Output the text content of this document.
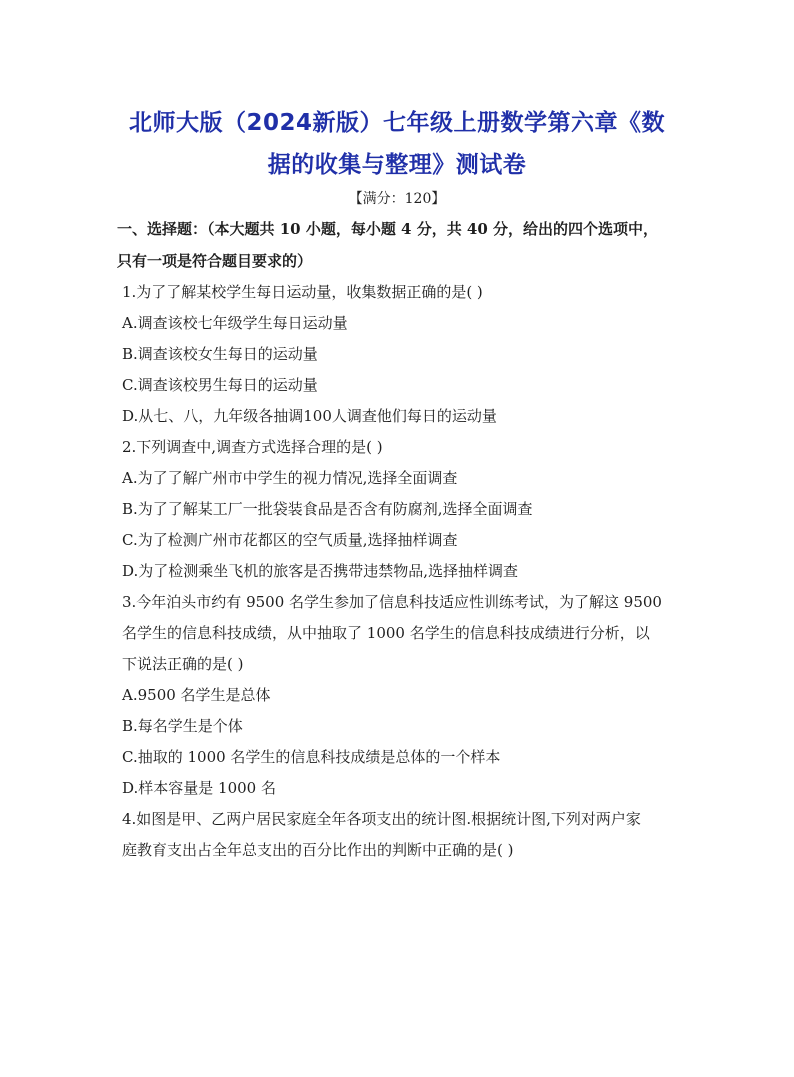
北师大版（2024新版）七年级上册数学第六章《数
据的收集与整理》测试卷
【满分：120】
一、选择题：（本大题共 10 小题，每小题 4 分，共 40 分，给出的四个选项中，
只有一项是符合题目要求的）
1.为了了解某校学生每日运动量，收集数据正确的是( )
A.调查该校七年级学生每日运动量
B.调查该校女生每日的运动量
C.调查该校男生每日的运动量
D.从七、八，九年级各抽调100人调查他们每日的运动量
2.下列调查中,调查方式选择合理的是( )
A.为了了解广州市中学生的视力情况,选择全面调查
B.为了了解某工厂一批袋装食品是否含有防腐剂,选择全面调查
C.为了检测广州市花都区的空气质量,选择抽样调查
D.为了检测乘坐飞机的旅客是否携带违禁物品,选择抽样调查
3.今年泊头市约有 9500 名学生参加了信息科技适应性训练考试，为了解这 9500
名学生的信息科技成绩，从中抽取了 1000 名学生的信息科技成绩进行分析，以
下说法正确的是( )
A.9500 名学生是总体
B.每名学生是个体
C.抽取的 1000 名学生的信息科技成绩是总体的一个样本
D.样本容量是 1000 名
4.如图是甲、乙两户居民家庭全年各项支出的统计图.根据统计图,下列对两户家
庭教育支出占全年总支出的百分比作出的判断中正确的是( )
